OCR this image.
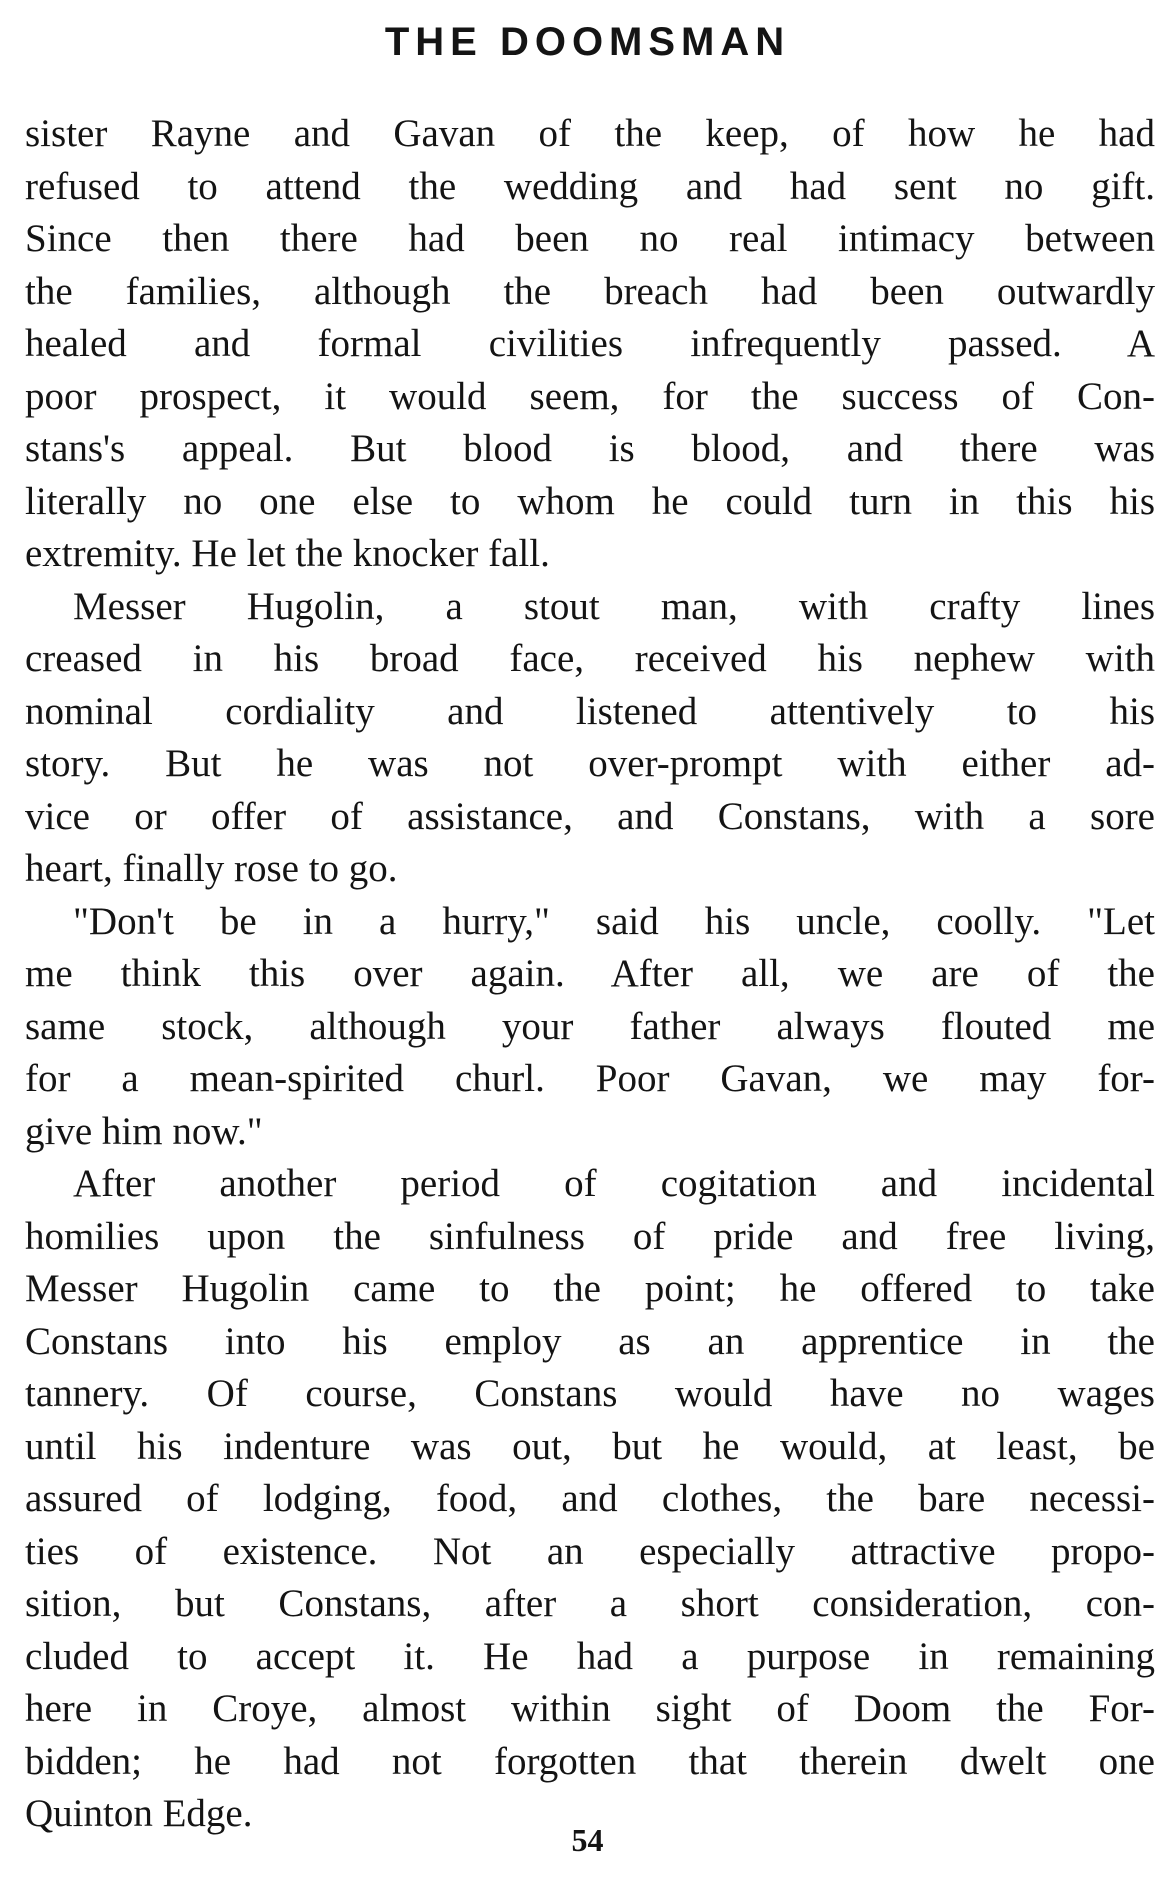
THE DOOMSMAN
sister Rayne and Gavan of the keep, of how he had
refused to attend the wedding and had sent no gift.
Since then there had been no real intimacy between
the families, although the breach had been outwardly
healed and formal civilities infrequently passed. A
poor prospect, it would seem, for the success of Con-
stans's appeal. But blood is blood, and there was
literally no one else to whom he could turn in this his
extremity. He let the knocker fall.
Messer Hugolin, a stout man, with crafty lines
creased in his broad face, received his nephew with
nominal cordiality and listened attentively to his
story. But he was not over-prompt with either ad-
vice or offer of assistance, and Constans, with a sore
heart, finally rose to go.
"Don't be in a hurry," said his uncle, coolly. "Let
me think this over again. After all, we are of the
same stock, although your father always flouted me
for a mean-spirited churl. Poor Gavan, we may for-
give him now."
After another period of cogitation and incidental
homilies upon the sinfulness of pride and free living,
Messer Hugolin came to the point; he offered to take
Constans into his employ as an apprentice in the
tannery. Of course, Constans would have no wages
until his indenture was out, but he would, at least, be
assured of lodging, food, and clothes, the bare necessi-
ties of existence. Not an especially attractive propo-
sition, but Constans, after a short consideration, con-
cluded to accept it. He had a purpose in remaining
here in Croye, almost within sight of Doom the For-
bidden; he had not forgotten that therein dwelt one
Quinton Edge.
54
